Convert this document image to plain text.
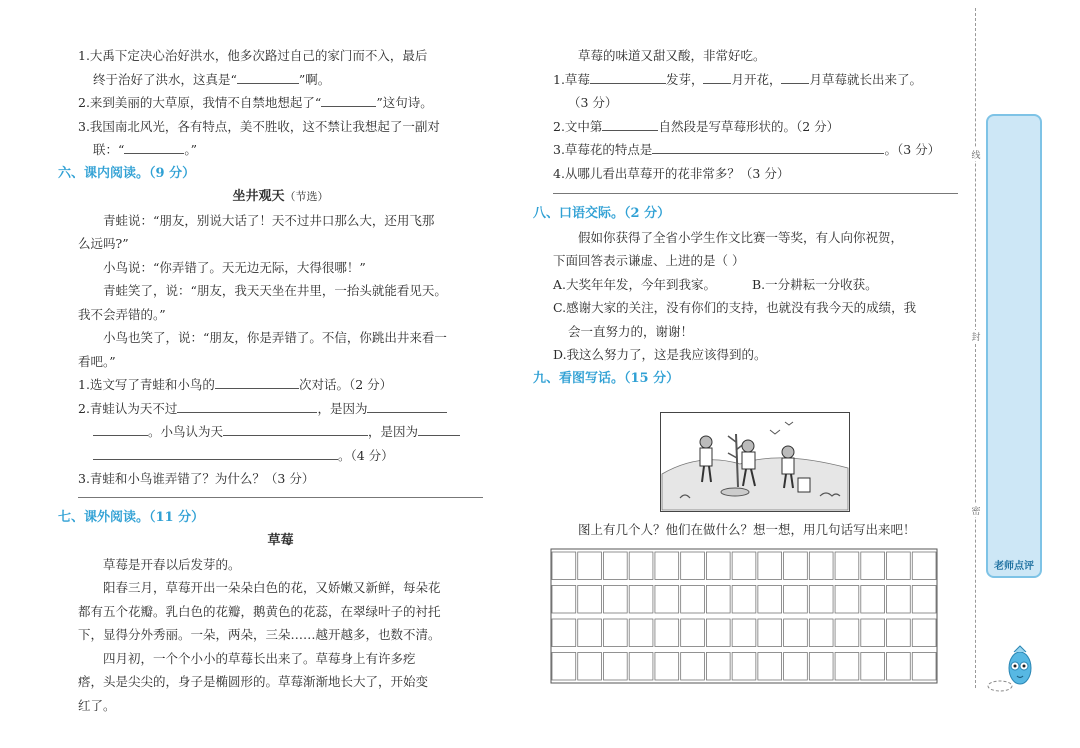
1.大禹下定决心治好洪水，他多次路过自己的家门而不入，最后
终于治好了洪水，这真是“	”啊。
2.来到美丽的大草原，我情不自禁地想起了“	”这句诗。
3.我国南北风光，各有特点，美不胜收，这不禁让我想起了一副对
联：“	。”
六、课内阅读。（9 分）
坐井观天（节选）
青蛙说：“朋友，别说大话了！天不过井口那么大，还用飞那
么远吗?”
小鸟说：“你弄错了。天无边无际，大得很哪！”
青蛙笑了，说：“朋友，我天天坐在井里，一抬头就能看见天。
我不会弄错的。”
小鸟也笑了，说：“朋友，你是弄错了。不信，你跳出井来看一
看吧。”
1.选文写了青蛙和小鸟的	次对话。（2 分）
2.青蛙认为天不过	，是因为
。小鸟认为天	，是因为
。（4 分）
3.青蛙和小鸟谁弄错了？为什么？（3 分）
七、课外阅读。（11 分）
草莓
草莓是开春以后发芽的。
阳春三月，草莓开出一朵朵白色的花，又娇嫩又新鲜，每朵花
都有五个花瓣。乳白色的花瓣，鹅黄色的花蕊，在翠绿叶子的衬托
下，显得分外秀丽。一朵，两朵，三朵……越开越多，也数不清。
四月初，一个个小小的草莓长出来了。草莓身上有许多疙
瘩，头是尖尖的，身子是椭圆形的。草莓渐渐地长大了，开始变
红了。
草莓的味道又甜又酸，非常好吃。
1.草莓	发芽， 月开花， 月草莓就长出来了。
（3 分）
2.文中第	自然段是写草莓形状的。（2 分）
3.草莓花的特点是	。（3 分）
4.从哪儿看出草莓开的花非常多？（3 分）
八、口语交际。（2 分）
假如你获得了全省小学生作文比赛一等奖，有人向你祝贺，
下面回答表示谦虚、上进的是（ ）
A.大奖年年发，今年到我家。	B.一分耕耘一分收获。
C.感谢大家的关注，没有你们的支持，也就没有我今天的成绩，我
会一直努力的，谢谢！
D.我这么努力了，这是我应该得到的。
九、看图写话。（15 分）
图上有几个人？他们在做什么？想一想，用几句话写出来吧！
线
封
密
老师点评
